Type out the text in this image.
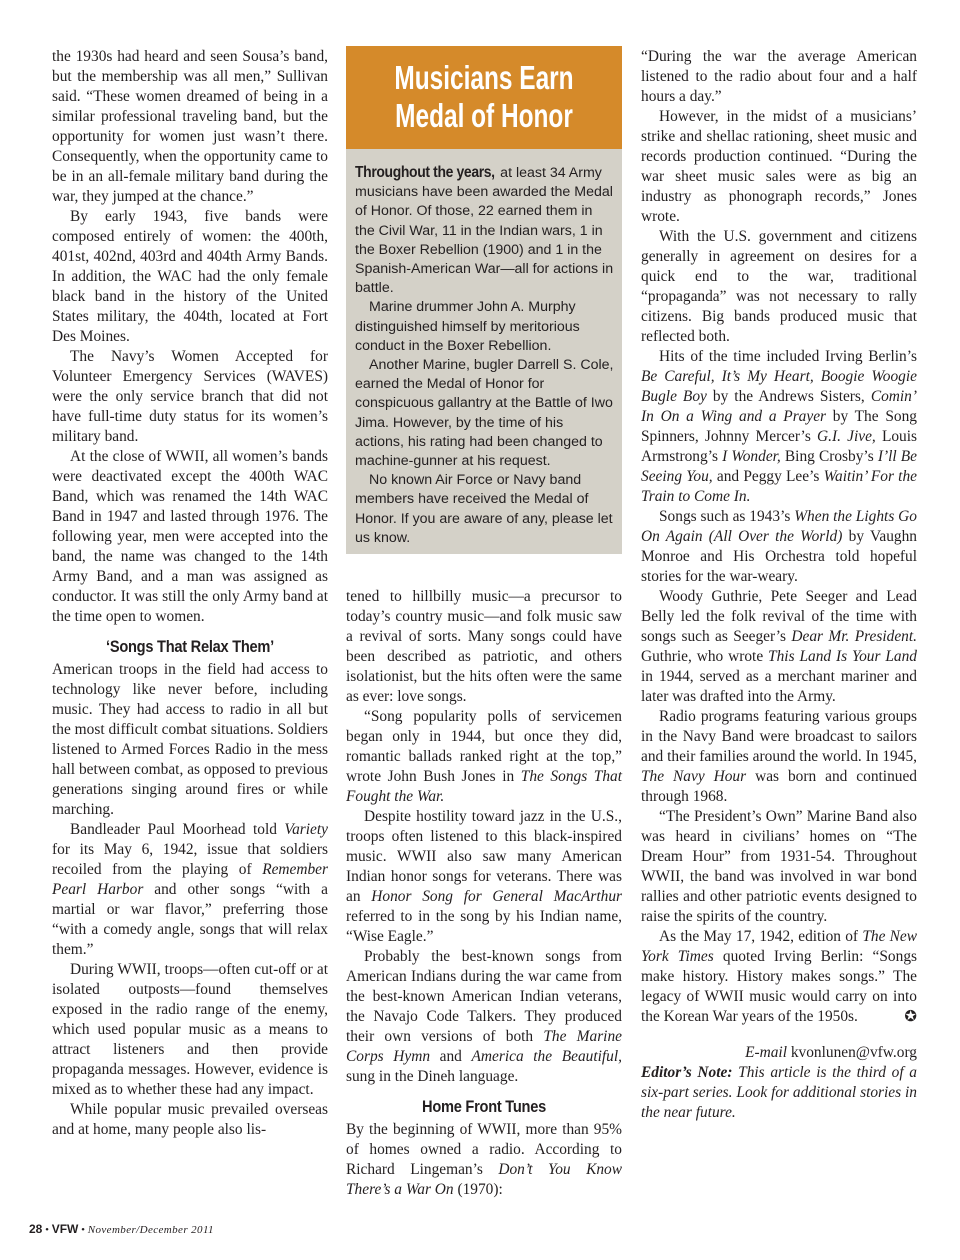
the 1930s had heard and seen Sousa’s band, but the membership was all men,” Sullivan said. “These women dreamed of being in a similar professional traveling band, but the opportunity for women just wasn’t there. Consequently, when the opportunity came to be in an all-female military band during the war, they jumped at the chance.”

By early 1943, five bands were composed entirely of women: the 400th, 401st, 402nd, 403rd and 404th Army Bands. In addition, the WAC had the only female black band in the history of the United States military, the 404th, located at Fort Des Moines.

The Navy’s Women Accepted for Volunteer Emergency Services (WAVES) were the only service branch that did not have full-time duty status for its women’s military band.

At the close of WWII, all women’s bands were deactivated except the 400th WAC Band, which was renamed the 14th WAC Band in 1947 and lasted through 1976. The following year, men were accepted into the band, the name was changed to the 14th Army Band, and a man was assigned as conductor. It was still the only Army band at the time open to women.

‘Songs That Relax Them’

American troops in the field had access to technology like never before, including music. They had access to radio in all but the most difficult combat situations. Soldiers listened to Armed Forces Radio in the mess hall between combat, as opposed to previous generations singing around fires or while marching.

Bandleader Paul Moorhead told Variety for its May 6, 1942, issue that soldiers recoiled from the playing of Remember Pearl Harbor and other songs “with a martial or war flavor,” preferring those “with a comedy angle, songs that will relax them.”

During WWII, troops—often cut-off or at isolated outposts—found themselves exposed in the radio range of the enemy, which used popular music as a means to attract listeners and then provide propaganda messages. However, evidence is mixed as to whether these had any impact.

While popular music prevailed overseas and at home, many people also lis-

Musicians Earn
Medal of Honor

Throughout the years, at least 34 Army musicians have been awarded the Medal of Honor. Of those, 22 earned them in the Civil War, 11 in the Indian wars, 1 in the Boxer Rebellion (1900) and 1 in the Spanish-American War—all for actions in battle.

Marine drummer John A. Murphy distinguished himself by meritorious conduct in the Boxer Rebellion.

Another Marine, bugler Darrell S. Cole, earned the Medal of Honor for conspicuous gallantry at the Battle of Iwo Jima. However, by the time of his actions, his rating had been changed to machine-gunner at his request.

No known Air Force or Navy band members have received the Medal of Honor. If you are aware of any, please let us know.

tened to hillbilly music—a precursor to today’s country music—and folk music saw a revival of sorts. Many songs could have been described as patriotic, and others isolationist, but the hits often were the same as ever: love songs.

“Song popularity polls of servicemen began only in 1944, but once they did, romantic ballads ranked right at the top,” wrote John Bush Jones in The Songs That Fought the War.

Despite hostility toward jazz in the U.S., troops often listened to this black-inspired music. WWII also saw many American Indian honor songs for veterans. There was an Honor Song for General MacArthur referred to in the song by his Indian name, “Wise Eagle.”

Probably the best-known songs from American Indians during the war came from the best-known American Indian veterans, the Navajo Code Talkers. They produced their own versions of both The Marine Corps Hymn and America the Beautiful, sung in the Dineh language.

Home Front Tunes

By the beginning of WWII, more than 95% of homes owned a radio. According to Richard Lingeman’s Don’t You Know There’s a War On (1970):

“During the war the average American listened to the radio about four and a half hours a day.”

However, in the midst of a musicians’ strike and shellac rationing, sheet music and records production continued. “During the war sheet music sales were as big an industry as phonograph records,” Jones wrote.

With the U.S. government and citizens generally in agreement on desires for a quick end to the war, traditional “propaganda” was not necessary to rally citizens. Big bands produced music that reflected both.

Hits of the time included Irving Berlin’s Be Careful, It’s My Heart, Boogie Woogie Bugle Boy by the Andrews Sisters, Comin’ In On a Wing and a Prayer by The Song Spinners, Johnny Mercer’s G.I. Jive, Louis Armstrong’s I Wonder, Bing Crosby’s I’ll Be Seeing You, and Peggy Lee’s Waitin’ For the Train to Come In.

Songs such as 1943’s When the Lights Go On Again (All Over the World) by Vaughn Monroe and His Orchestra told hopeful stories for the war-weary.

Woody Guthrie, Pete Seeger and Lead Belly led the folk revival of the time with songs such as Seeger’s Dear Mr. President. Guthrie, who wrote This Land Is Your Land in 1944, served as a merchant mariner and later was drafted into the Army.

Radio programs featuring various groups in the Navy Band were broadcast to sailors and their families around the world. In 1945, The Navy Hour was born and continued through 1968.

“The President’s Own” Marine Band also was heard in civilians’ homes on “The Dream Hour” from 1931-54. Throughout WWII, the band was involved in war bond rallies and other patriotic events designed to raise the spirits of the country.

As the May 17, 1942, edition of The New York Times quoted Irving Berlin: “Songs make history. History makes songs.” The legacy of WWII music would carry on into the Korean War years of the 1950s.	✪

E-mail kvonlunen@vfw.org

Editor’s Note: This article is the third of a six-part series. Look for additional stories in the near future.

28 • VFW • November/December 2011
